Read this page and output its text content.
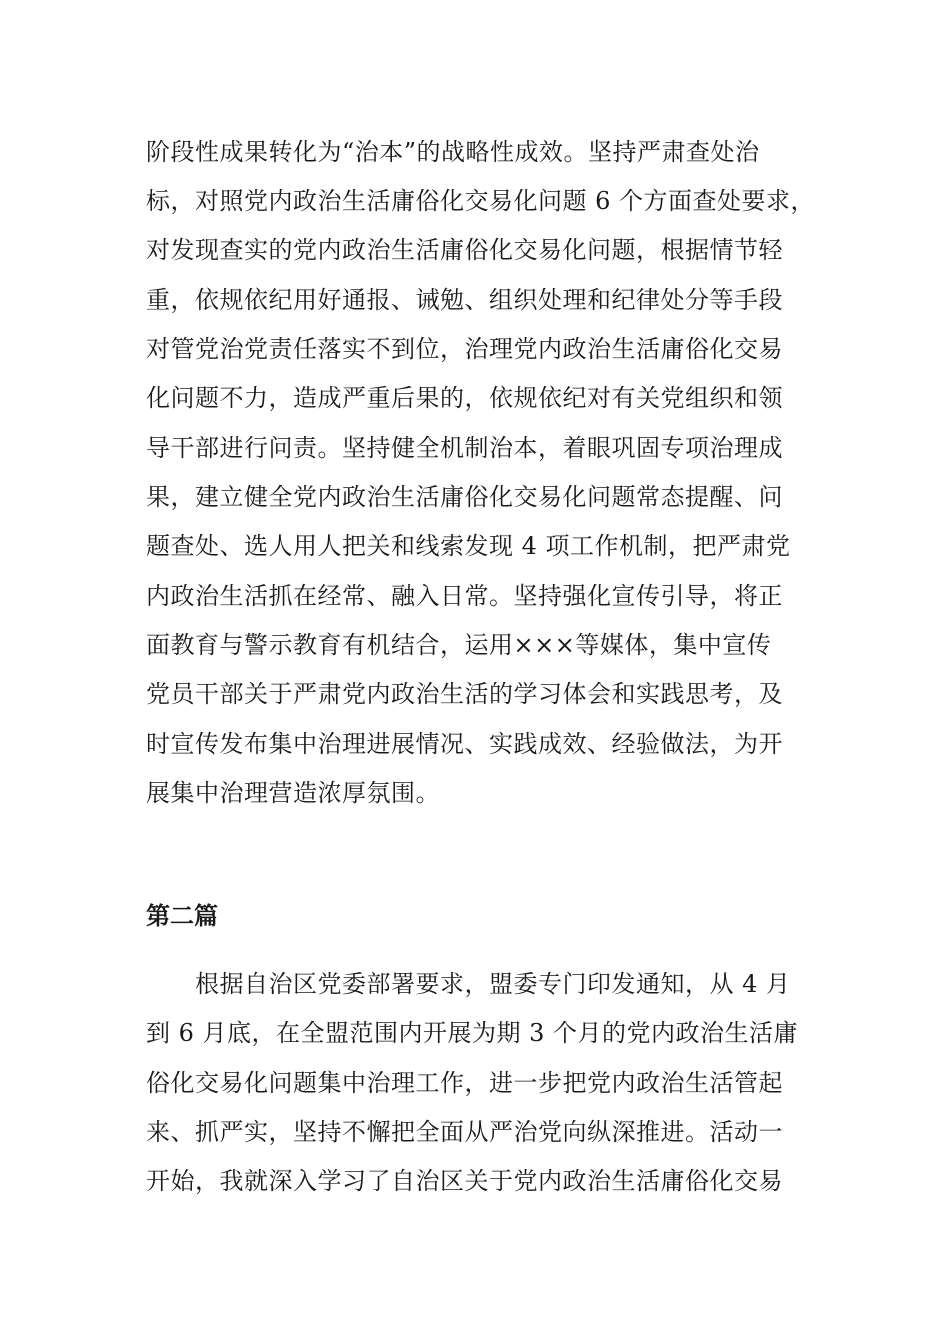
阶段性成果转化为“治本”的战略性成效。坚持严肃查处治
标，对照党内政治生活庸俗化交易化问题 6 个方面查处要求，
对发现查实的党内政治生活庸俗化交易化问题，根据情节轻
重，依规依纪用好通报、诫勉、组织处理和纪律处分等手段
对管党治党责任落实不到位，治理党内政治生活庸俗化交易
化问题不力，造成严重后果的，依规依纪对有关党组织和领
导干部进行问责。坚持健全机制治本，着眼巩固专项治理成
果，建立健全党内政治生活庸俗化交易化问题常态提醒、问
题查处、选人用人把关和线索发现 4 项工作机制，把严肃党
内政治生活抓在经常、融入日常。坚持强化宣传引导，将正
面教育与警示教育有机结合，运用×××等媒体，集中宣传
党员干部关于严肃党内政治生活的学习体会和实践思考，及
时宣传发布集中治理进展情况、实践成效、经验做法，为开
展集中治理营造浓厚氛围。
第二篇
　　根据自治区党委部署要求，盟委专门印发通知，从 4 月
到 6 月底，在全盟范围内开展为期 3 个月的党内政治生活庸
俗化交易化问题集中治理工作，进一步把党内政治生活管起
来、抓严实，坚持不懈把全面从严治党向纵深推进。活动一
开始，我就深入学习了自治区关于党内政治生活庸俗化交易
